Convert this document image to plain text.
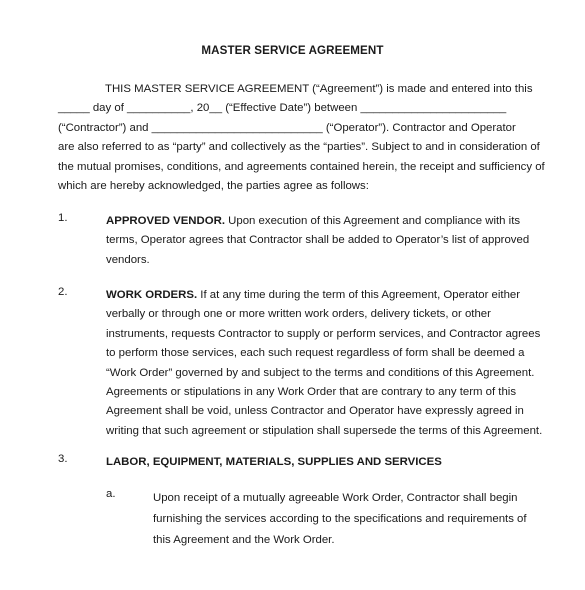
MASTER SERVICE AGREEMENT
THIS MASTER SERVICE AGREEMENT (“Agreement”) is made and entered into this
_____ day of __________, 20__ (“Effective Date”) between _______________________
(“Contractor”) and ___________________________ (“Operator”). Contractor and Operator
are also referred to as “party” and collectively as the “parties”. Subject to and in consideration of
the mutual promises, conditions, and agreements contained herein, the receipt and sufficiency of
which are hereby acknowledged, the parties agree as follows:
1.	APPROVED VENDOR. Upon execution of this Agreement and compliance with its
terms, Operator agrees that Contractor shall be added to Operator’s list of approved
vendors.
2.	WORK ORDERS. If at any time during the term of this Agreement, Operator either
verbally or through one or more written work orders, delivery tickets, or other
instruments, requests Contractor to supply or perform services, and Contractor agrees
to perform those services, each such request regardless of form shall be deemed a
“Work Order” governed by and subject to the terms and conditions of this Agreement.
Agreements or stipulations in any Work Order that are contrary to any term of this
Agreement shall be void, unless Contractor and Operator have expressly agreed in
writing that such agreement or stipulation shall supersede the terms of this Agreement.
3.	LABOR, EQUIPMENT, MATERIALS, SUPPLIES AND SERVICES
a.	Upon receipt of a mutually agreeable Work Order, Contractor shall begin
furnishing the services according to the specifications and requirements of
this Agreement and the Work Order.
